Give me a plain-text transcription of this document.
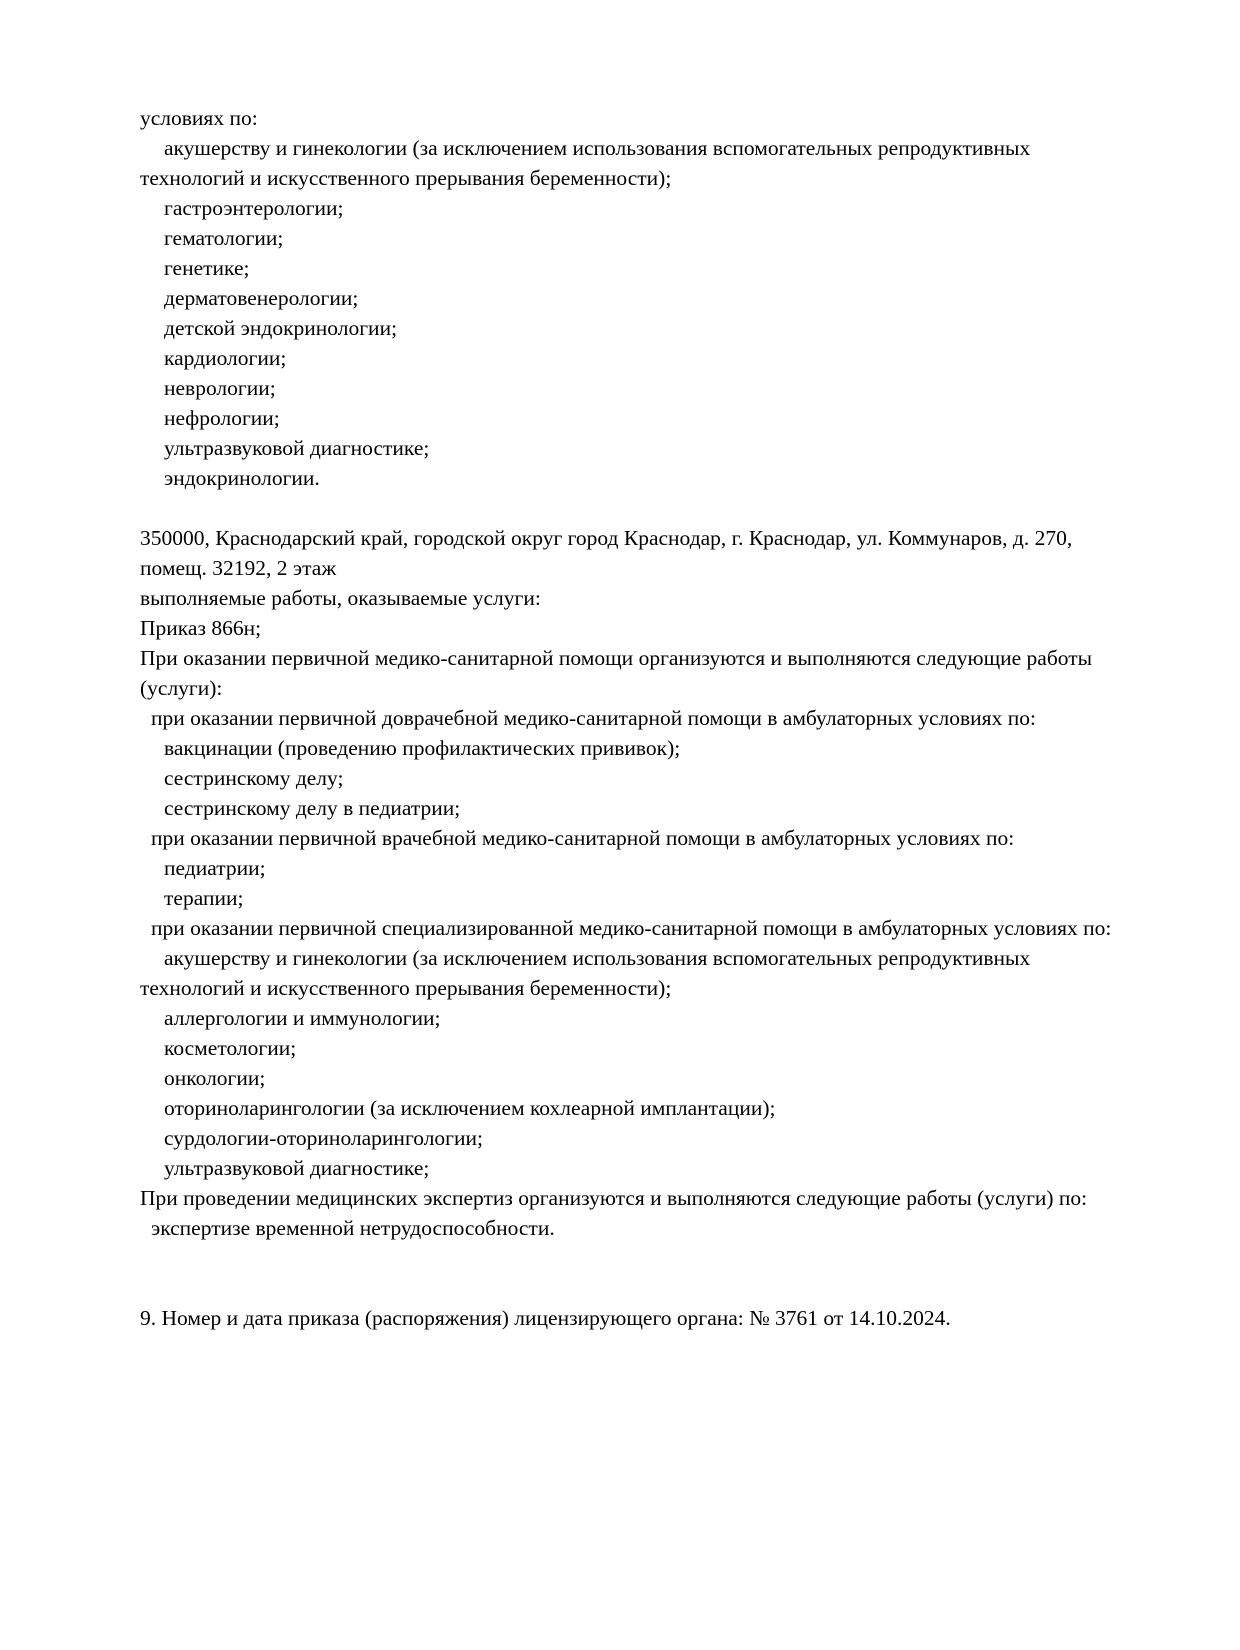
условиях по:

акушерству и гинекологии (за исключением использования вспомогательных репродуктивных технологий и искусственного прерывания беременности);

гастроэнтерологии;

гематологии;

генетике;

дерматовенерологии;

детской эндокринологии;

кардиологии;

неврологии;

нефрологии;

ультразвуковой диагностике;

эндокринологии.

350000, Краснодарский край, городской округ город Краснодар, г. Краснодар, ул. Коммунаров, д. 270, помещ. 32192, 2 этаж

выполняемые работы, оказываемые услуги:

Приказ 866н;

При оказании первичной медико-санитарной помощи организуются и выполняются следующие работы (услуги):

при оказании первичной доврачебной медико-санитарной помощи в амбулаторных условиях по:

вакцинации (проведению профилактических прививок);

сестринскому делу;

сестринскому делу в педиатрии;

при оказании первичной врачебной медико-санитарной помощи в амбулаторных условиях по:

педиатрии;

терапии;

при оказании первичной специализированной медико-санитарной помощи в амбулаторных условиях по:

акушерству и гинекологии (за исключением использования вспомогательных репродуктивных технологий и искусственного прерывания беременности);

аллергологии и иммунологии;

косметологии;

онкологии;

оториноларингологии (за исключением кохлеарной имплантации);

сурдологии-оториноларингологии;

ультразвуковой диагностике;

При проведении медицинских экспертиз организуются и выполняются следующие работы (услуги) по:

экспертизе временной нетрудоспособности.

9. Номер и дата приказа (распоряжения) лицензирующего органа: № 3761 от 14.10.2024.
